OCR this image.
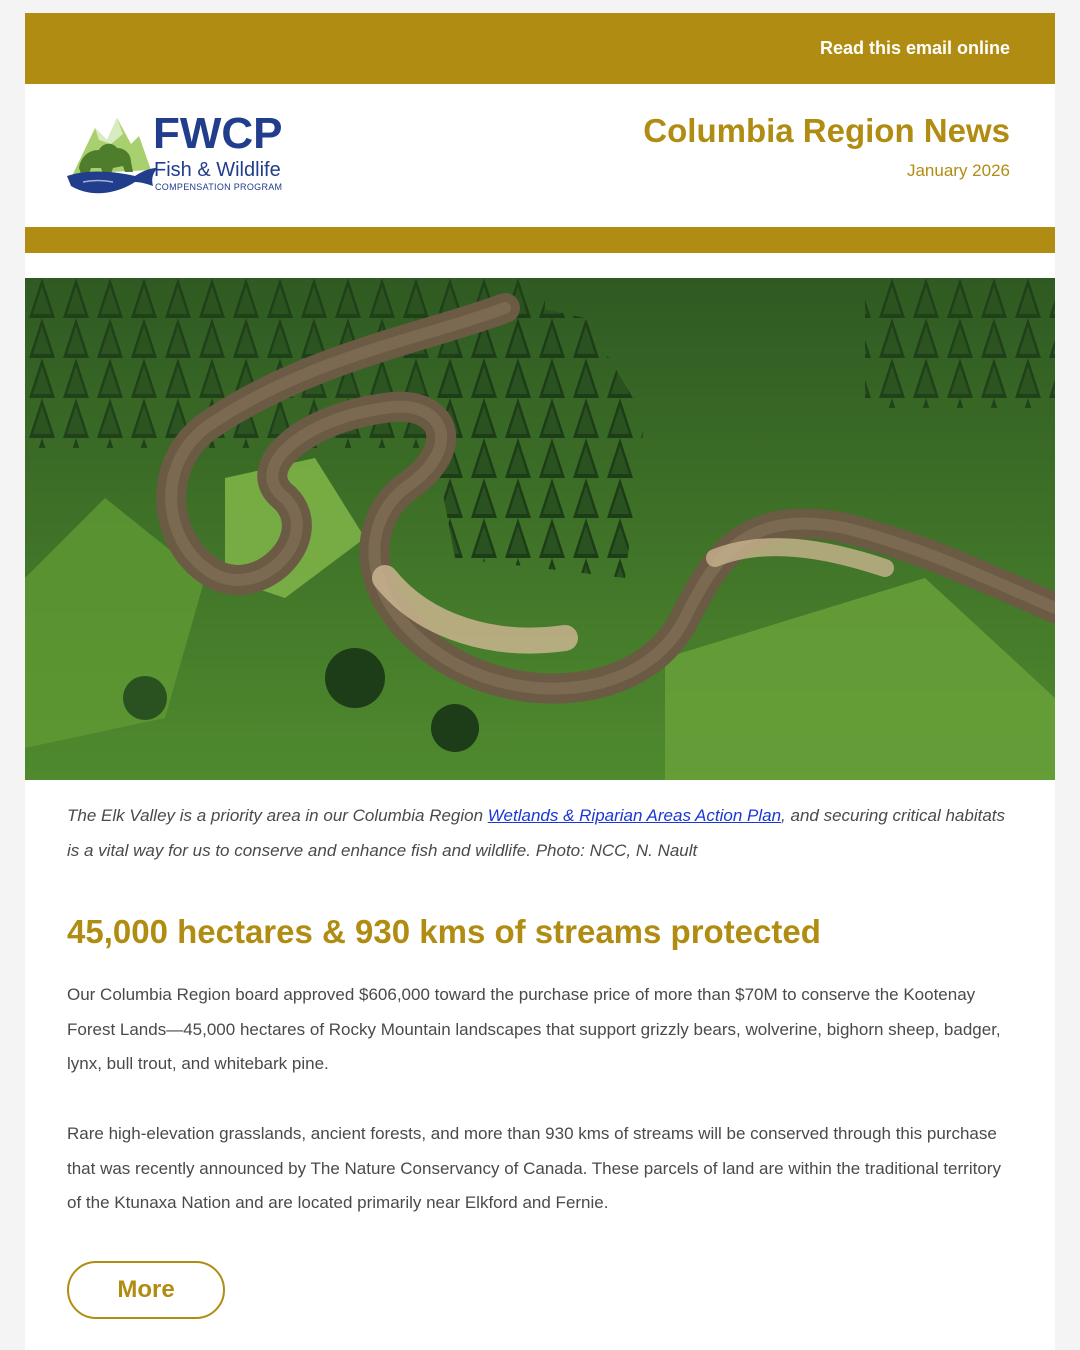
Read this email online
FWCP
Fish & Wildlife
COMPENSATION PROGRAM
Columbia Region News
January 2026

The Elk Valley is a priority area in our Columbia Region Wetlands & Riparian Areas Action Plan, and securing critical habitats is a vital way for us to conserve and enhance fish and wildlife. Photo: NCC, N. Nault

45,000 hectares & 930 kms of streams protected

Our Columbia Region board approved $606,000 toward the purchase price of more than $70M to conserve the Kootenay Forest Lands—45,000 hectares of Rocky Mountain landscapes that support grizzly bears, wolverine, bighorn sheep, badger, lynx, bull trout, and whitebark pine.

Rare high-elevation grasslands, ancient forests, and more than 930 kms of streams will be conserved through this purchase that was recently announced by The Nature Conservancy of Canada. These parcels of land are within the traditional territory of the Ktunaxa Nation and are located primarily near Elkford and Fernie.

More
